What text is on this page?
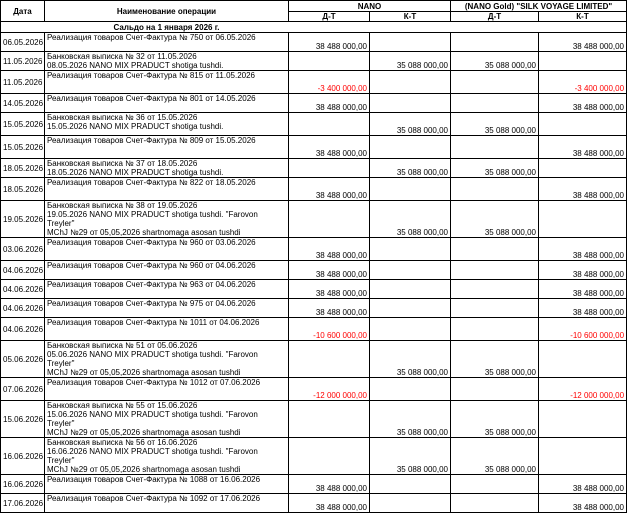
Дата	Наименование операции	NANO		(NANO Gold) "SILK VOYAGE LIMITED"	
		Д-Т	К-Т	Д-Т	К-Т
	Сальдо на 1 января 2026 г.				
06.05.2026	Реализация товаров Счет-Фактура № 750 от 06.05.2026	38 488 000,00			38 488 000,00
11.05.2026	Банковская выписка № 32 от 11.05.2026
08.05.2026 NANO MIX PRADUCT shotiga tushdi.		35 088 000,00	35 088 000,00	
11.05.2026	Реализация товаров Счет-Фактура № 815 от 11.05.2026	-3 400 000,00			-3 400 000,00
14.05.2026	Реализация товаров Счет-Фактура № 801 от 14.05.2026	38 488 000,00			38 488 000,00
15.05.2026	Банковская выписка № 36 от 15.05.2026
15.05.2026 NANO MIX PRADUCT shotiga tushdi.		35 088 000,00	35 088 000,00	
15.05.2026	Реализация товаров Счет-Фактура № 809 от 15.05.2026	38 488 000,00			38 488 000,00
18.05.2026	Банковская выписка № 37 от 18.05.2026
18.05.2026 NANO MIX PRADUCT shotiga tushdi.		35 088 000,00	35 088 000,00	
18.05.2026	Реализация товаров Счет-Фактура № 822 от 18.05.2026	38 488 000,00			38 488 000,00
19.05.2026	Банковская выписка № 38 от 19.05.2026
19.05.2026 NANO MIX PRADUCT shotiga tushdi. "Farovon Treyler"
MChJ №29 от 05,05,2026 shartnomaga asosan tushdi		35 088 000,00	35 088 000,00	
03.06.2026	Реализация товаров Счет-Фактура № 960 от 03.06.2026	38 488 000,00			38 488 000,00
04.06.2026	Реализация товаров Счет-Фактура № 960 от 04.06.2026	38 488 000,00			38 488 000,00
04.06.2026	Реализация товаров Счет-Фактура № 963 от 04.06.2026	38 488 000,00			38 488 000,00
04.06.2026	Реализация товаров Счет-Фактура № 975 от 04.06.2026	38 488 000,00			38 488 000,00
04.06.2026	Реализация товаров Счет-Фактура № 1011 от 04.06.2026	-10 600 000,00			-10 600 000,00
05.06.2026	Банковская выписка № 51 от 05.06.2026
05.06.2026 NANO MIX PRADUCT shotiga tushdi. "Farovon Treyler"
MChJ №29 от 05,05,2026 shartnomaga asosan tushdi		35 088 000,00	35 088 000,00	
07.06.2026	Реализация товаров Счет-Фактура № 1012 от 07.06.2026	-12 000 000,00			-12 000 000,00
15.06.2026	Банковская выписка № 55 от 15.06.2026
15.06.2026 NANO MIX PRADUCT shotiga tushdi. "Farovon Treyler"
MChJ №29 от 05,05,2026 shartnomaga asosan tushdi		35 088 000,00	35 088 000,00	
16.06.2026	Банковская выписка № 56 от 16.06.2026
16.06.2026 NANO MIX PRADUCT shotiga tushdi. "Farovon Treyler"
MChJ №29 от 05,05,2026 shartnomaga asosan tushdi		35 088 000,00	35 088 000,00	
16.06.2026	Реализация товаров Счет-Фактура № 1088 от 16.06.2026	38 488 000,00			38 488 000,00
17.06.2026	Реализация товаров Счет-Фактура № 1092 от 17.06.2026	38 488 000,00			38 488 000,00
